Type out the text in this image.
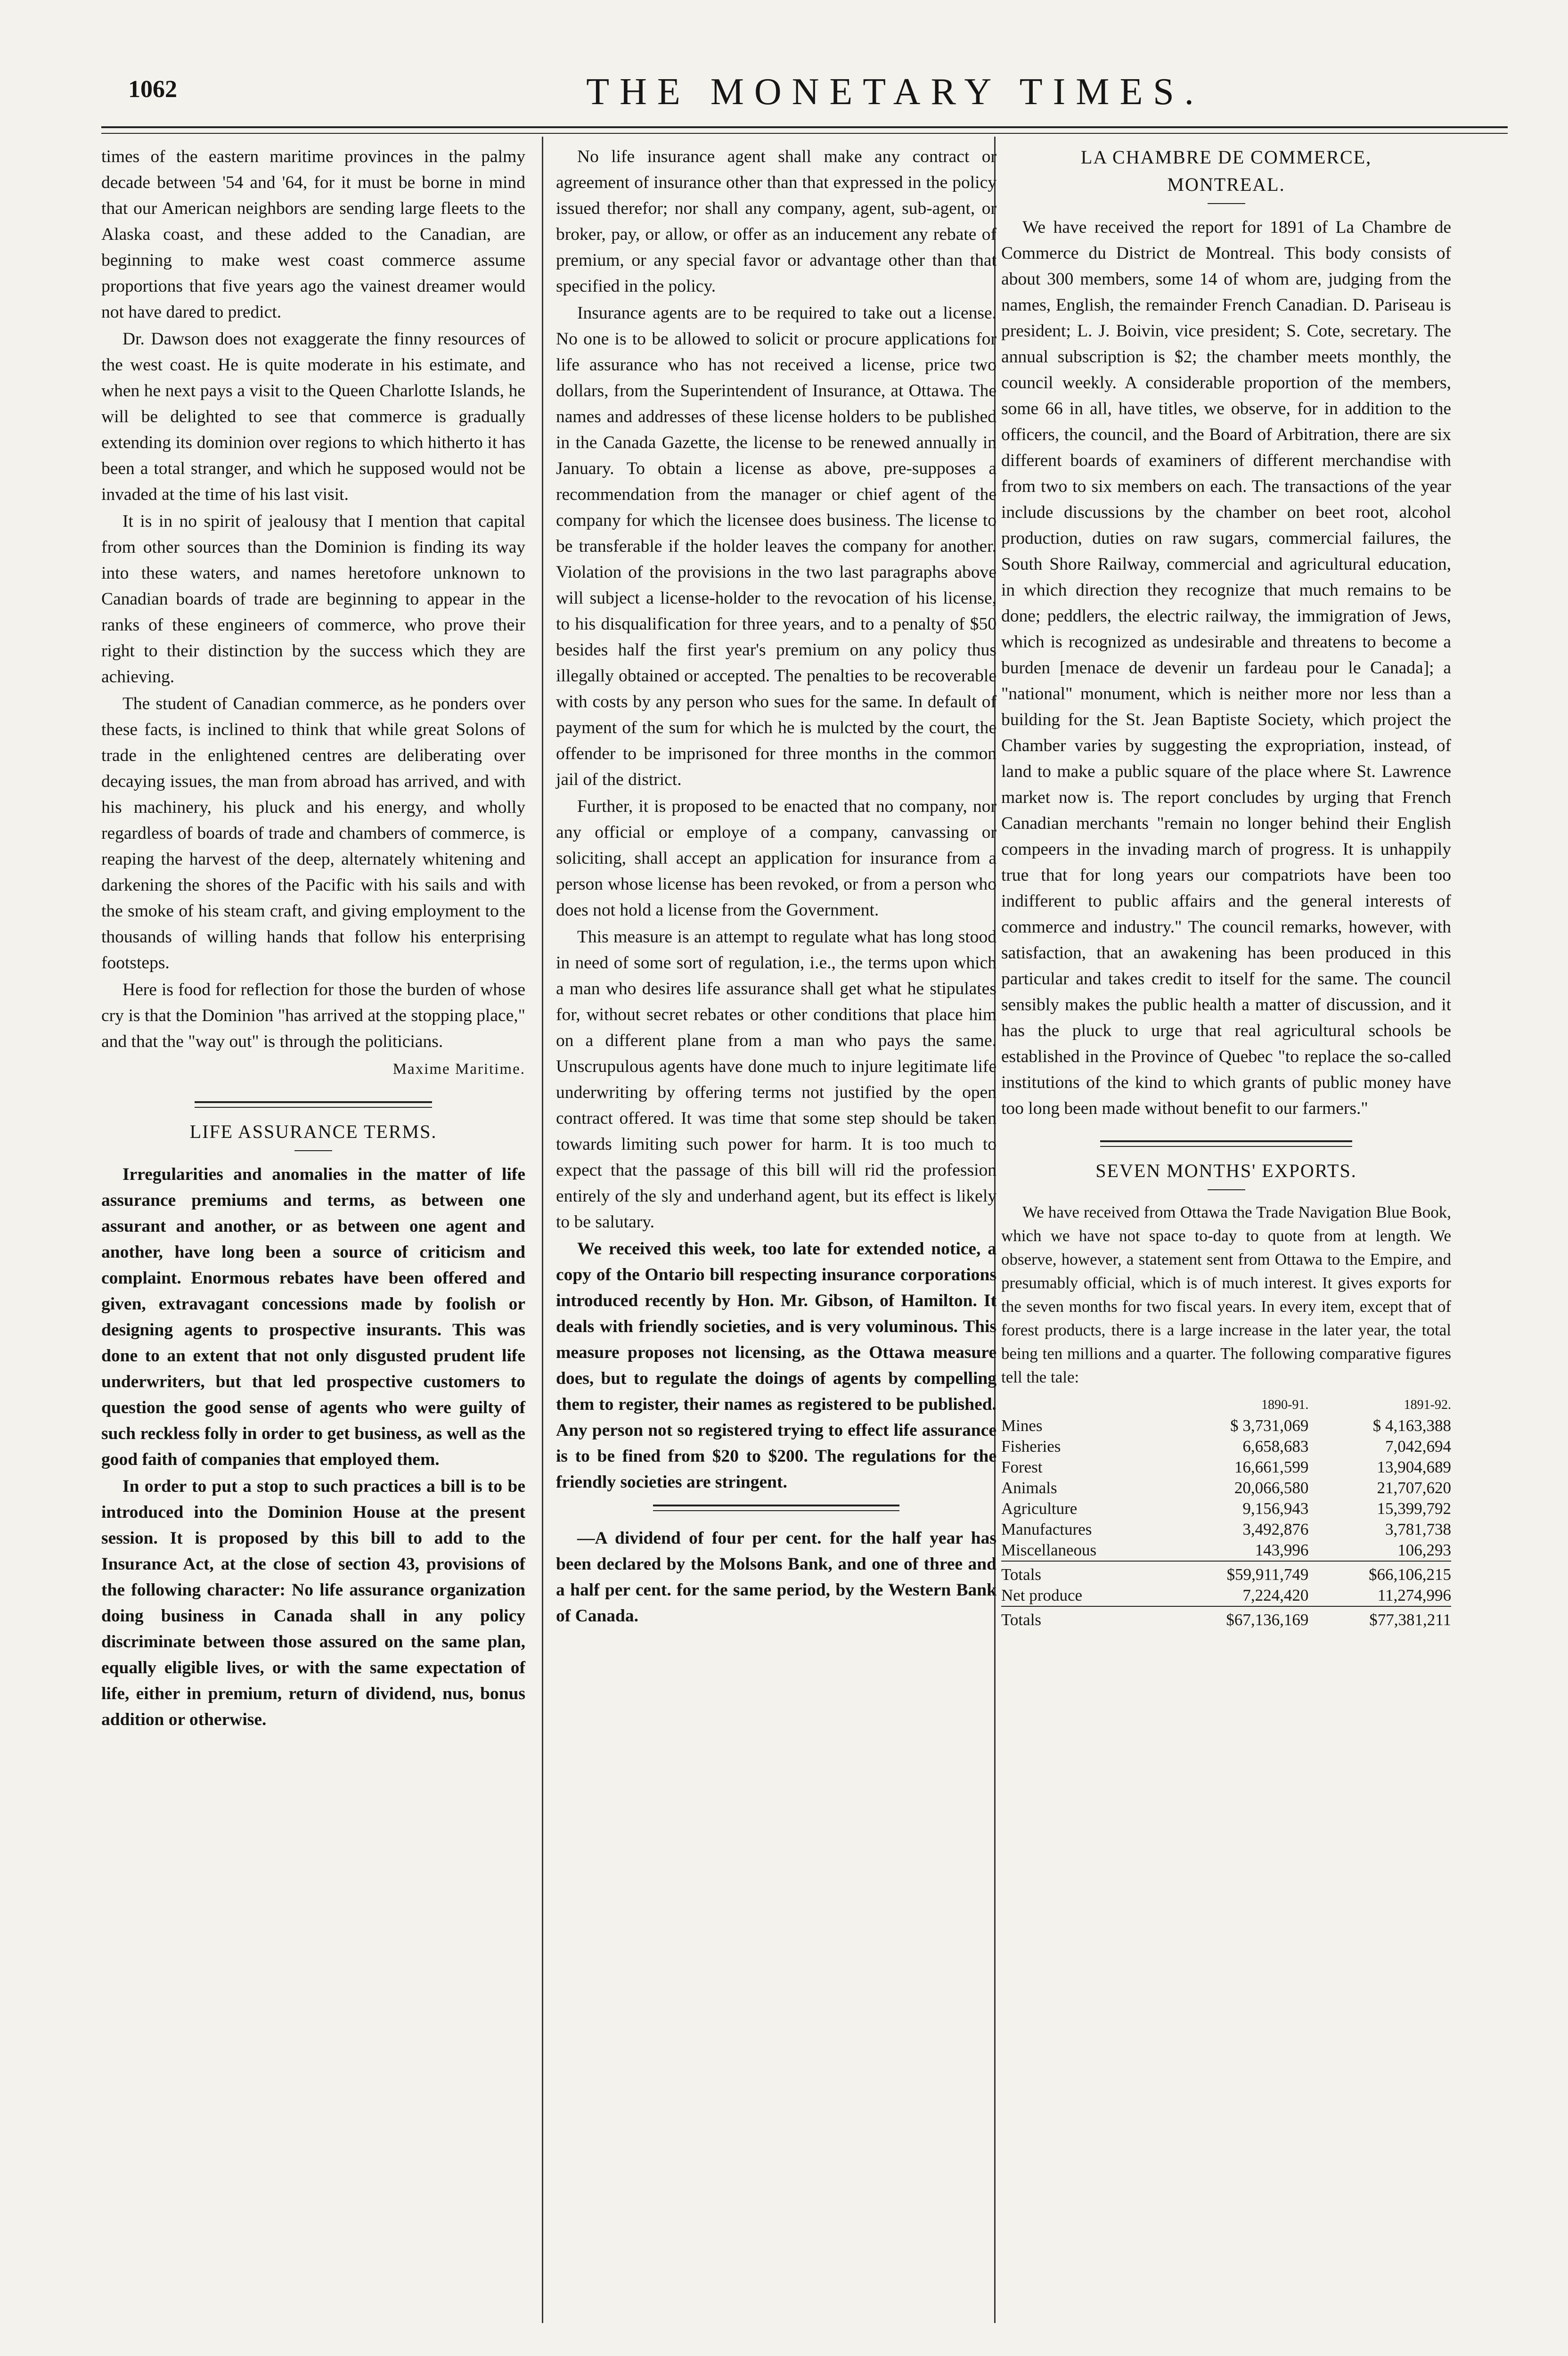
1062	THE MONETARY TIMES.

times of the eastern maritime provinces in the palmy decade between '54 and '64, for it must be borne in mind that our American neighbors are sending large fleets to the Alaska coast, and these added to the Canadian, are beginning to make west coast commerce assume proportions that five years ago the vainest dreamer would not have dared to predict.

Dr. Dawson does not exaggerate the finny resources of the west coast. He is quite moderate in his estimate, and when he next pays a visit to the Queen Charlotte Islands, he will be delighted to see that commerce is gradually extending its dominion over regions to which hitherto it has been a total stranger, and which he supposed would not be invaded at the time of his last visit.

It is in no spirit of jealousy that I mention that capital from other sources than the Dominion is finding its way into these waters, and names heretofore unknown to Canadian boards of trade are beginning to appear in the ranks of these engineers of commerce, who prove their right to their distinction by the success which they are achieving.

The student of Canadian commerce, as he ponders over these facts, is inclined to think that while great Solons of trade in the enlightened centres are deliberating over decaying issues, the man from abroad has arrived, and with his machinery, his pluck and his energy, and wholly regardless of boards of trade and chambers of commerce, is reaping the harvest of the deep, alternately whitening and darkening the shores of the Pacific with his sails and with the smoke of his steam craft, and giving employment to the thousands of willing hands that follow his enterprising footsteps.

Here is food for reflection for those the burden of whose cry is that the Dominion "has arrived at the stopping place," and that the "way out" is through the politicians.

Maxime Maritime.
LIFE ASSURANCE TERMS.

Irregularities and anomalies in the matter of life assurance premiums and terms, as between one assurant and another, or as between one agent and another, have long been a source of criticism and complaint. Enormous rebates have been offered and given, extravagant concessions made by foolish or designing agents to prospective insurants. This was done to an extent that not only disgusted prudent life underwriters, but that led prospective customers to question the good sense of agents who were guilty of such reckless folly in order to get business, as well as the good faith of companies that employed them.

In order to put a stop to such practices a bill is to be introduced into the Dominion House at the present session. It is proposed by this bill to add to the Insurance Act, at the close of section 43, provisions of the following character: No life assurance organization doing business in Canada shall in any policy discriminate between those assured on the same plan, equally eligible lives, or with the same expectation of life, either in premium, return of dividend, nus, bonus addition or otherwise.

No life insurance agent shall make any contract or agreement of insurance other than that expressed in the policy issued therefor; nor shall any company, agent, sub-agent, or broker, pay, or allow, or offer as an inducement any rebate of premium, or any special favor or advantage other than that specified in the policy.

Insurance agents are to be required to take out a license. No one is to be allowed to solicit or procure applications for life assurance who has not received a license, price two dollars, from the Superintendent of Insurance, at Ottawa. The names and addresses of these license holders to be published in the Canada Gazette, the license to be renewed annually in January. To obtain a license as above, pre-supposes a recommendation from the manager or chief agent of the company for which the licensee does business. The license to be transferable if the holder leaves the company for another. Violation of the provisions in the two last paragraphs above will subject a license-holder to the revocation of his license, to his disqualification for three years, and to a penalty of $50 besides half the first year's premium on any policy thus illegally obtained or accepted. The penalties to be recoverable with costs by any person who sues for the same. In default of payment of the sum for which he is mulcted by the court, the offender to be imprisoned for three months in the common jail of the district.

Further, it is proposed to be enacted that no company, nor any official or employe of a company, canvassing or soliciting, shall accept an application for insurance from a person whose license has been revoked, or from a person who does not hold a license from the Government.

This measure is an attempt to regulate what has long stood in need of some sort of regulation, i.e., the terms upon which a man who desires life assurance shall get what he stipulates for, without secret rebates or other conditions that place him on a different plane from a man who pays the same. Unscrupulous agents have done much to injure legitimate life underwriting by offering terms not justified by the open contract offered. It was time that some step should be taken towards limiting such power for harm. It is too much to expect that the passage of this bill will rid the profession entirely of the sly and underhand agent, but its effect is likely to be salutary.

We received this week, too late for extended notice, a copy of the Ontario bill respecting insurance corporations introduced recently by Hon. Mr. Gibson, of Hamilton. It deals with friendly societies, and is very voluminous. This measure proposes not licensing, as the Ottawa measure does, but to regulate the doings of agents by compelling them to register, their names as registered to be published. Any person not so registered trying to effect life assurance is to be fined from $20 to $200. The regulations for the friendly societies are stringent.

—A dividend of four per cent. for the half year has been declared by the Molsons Bank, and one of three and a half per cent. for the same period, by the Western Bank of Canada.

LA CHAMBRE DE COMMERCE,
MONTREAL.

We have received the report for 1891 of La Chambre de Commerce du District de Montreal. This body consists of about 300 members, some 14 of whom are, judging from the names, English, the remainder French Canadian. D. Pariseau is president; L. J. Boivin, vice president; S. Cote, secretary. The annual subscription is $2; the chamber meets monthly, the council weekly. A considerable proportion of the members, some 66 in all, have titles, we observe, for in addition to the officers, the council, and the Board of Arbitration, there are six different boards of examiners of different merchandise with from two to six members on each. The transactions of the year include discussions by the chamber on beet root, alcohol production, duties on raw sugars, commercial failures, the South Shore Railway, commercial and agricultural education, in which direction they recognize that much remains to be done; peddlers, the electric railway, the immigration of Jews, which is recognized as undesirable and threatens to become a burden [menace de devenir un fardeau pour le Canada]; a "national" monument, which is neither more nor less than a building for the St. Jean Baptiste Society, which project the Chamber varies by suggesting the expropriation, instead, of land to make a public square of the place where St. Lawrence market now is. The report concludes by urging that French Canadian merchants "remain no longer behind their English compeers in the invading march of progress. It is unhappily true that for long years our compatriots have been too indifferent to public affairs and the general interests of commerce and industry." The council remarks, however, with satisfaction, that an awakening has been produced in this particular and takes credit to itself for the same. The council sensibly makes the public health a matter of discussion, and it has the pluck to urge that real agricultural schools be established in the Province of Quebec "to replace the so-called institutions of the kind to which grants of public money have too long been made without benefit to our farmers."

SEVEN MONTHS' EXPORTS.

We have received from Ottawa the Trade Navigation Blue Book, which we have not space to-day to quote from at length. We observe, however, a statement sent from Ottawa to the Empire, and presumably official, which is of much interest. It gives exports for the seven months for two fiscal years. In every item, except that of forest products, there is a large increase in the later year, the total being ten millions and a quarter. The following comparative figures tell the tale:

	1890-91.	1891-92.
Mines	$ 3,731,069	$ 4,163,388
Fisheries	6,658,683	7,042,694
Forest	16,661,599	13,904,689
Animals	20,066,580	21,707,620
Agriculture	9,156,943	15,399,792
Manufactures	3,492,876	3,781,738
Miscellaneous	143,996	106,293

Totals	$59,911,749	$66,106,215
Net produce	7,224,420	11,274,996

Totals	$67,136,169	$77,381,211
